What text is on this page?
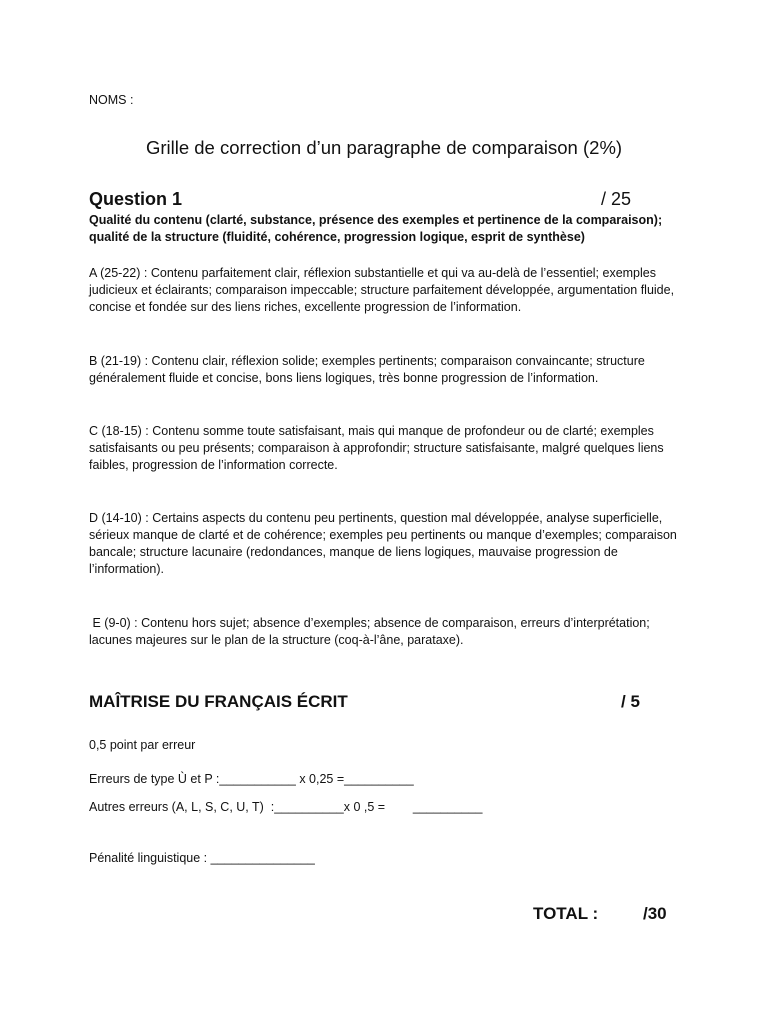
NOMS :
Grille de correction d’un paragraphe de comparaison (2%)
Question 1	/ 25
Qualité du contenu (clarté, substance, présence des exemples et pertinence de la comparaison); qualité de la structure (fluidité, cohérence, progression logique, esprit de synthèse)

A (25-22) : Contenu parfaitement clair, réflexion substantielle et qui va au-delà de l’essentiel; exemples judicieux et éclairants; comparaison impeccable; structure parfaitement développée, argumentation fluide, concise et fondée sur des liens riches, excellente progression de l’information.

B (21-19) : Contenu clair, réflexion solide; exemples pertinents; comparaison convaincante; structure généralement fluide et concise, bons liens logiques, très bonne progression de l’information.

C (18-15) : Contenu somme toute satisfaisant, mais qui manque de profondeur ou de clarté; exemples satisfaisants ou peu présents; comparaison à approfondir; structure satisfaisante, malgré quelques liens faibles, progression de l’information correcte.

D (14-10) : Certains aspects du contenu peu pertinents, question mal développée, analyse superficielle, sérieux manque de clarté et de cohérence; exemples peu pertinents ou manque d’exemples; comparaison bancale; structure lacunaire (redondances, manque de liens logiques, mauvaise progression de l’information).

E (9-0) : Contenu hors sujet; absence d’exemples; absence de comparaison, erreurs d’interprétation; lacunes majeures sur le plan de la structure (coq-à-l’âne, parataxe).

MAÎTRISE DU FRANÇAIS ÉCRIT	/ 5
0,5 point par erreur
Erreurs de type Ù et P :___________ x 0,25 =__________
Autres erreurs (A, L, S, C, U, T)  :__________x 0 ,5 =        __________
Pénalité linguistique : _______________
TOTAL :	/30
